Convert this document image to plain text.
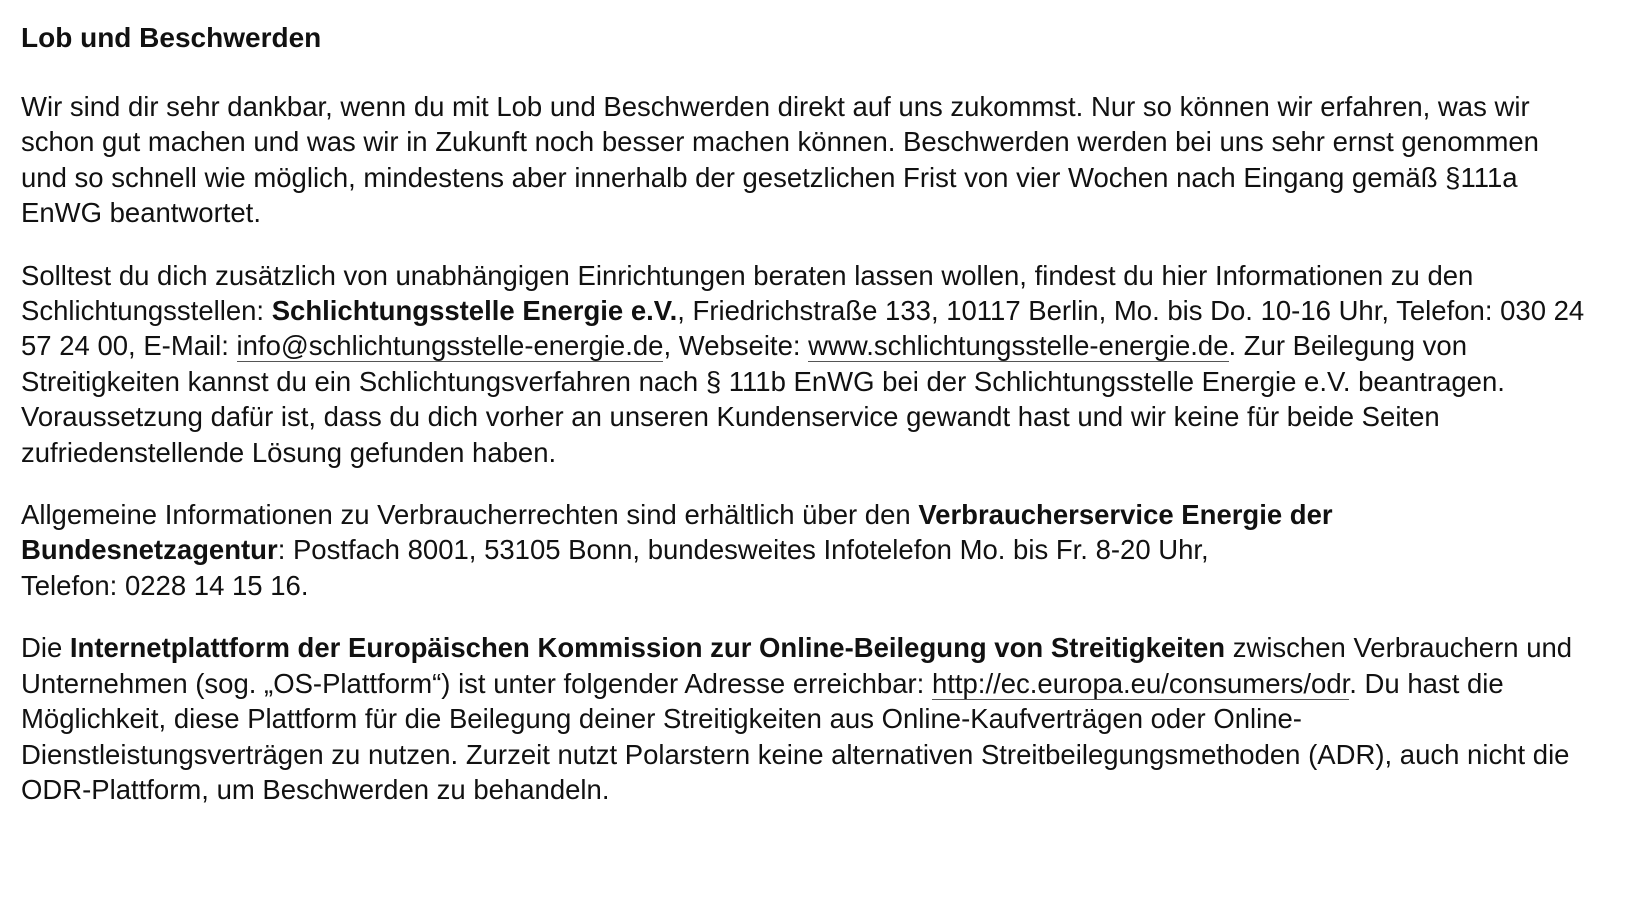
Lob und Beschwerden

Wir sind dir sehr dankbar, wenn du mit Lob und Beschwerden direkt auf uns zukommst. Nur so können wir erfahren, was wir schon gut machen und was wir in Zukunft noch besser machen können. Beschwerden werden bei uns sehr ernst genommen und so schnell wie möglich, mindestens aber innerhalb der gesetzlichen Frist von vier Wochen nach Eingang gemäß §111a EnWG beantwortet.

Solltest du dich zusätzlich von unabhängigen Einrichtungen beraten lassen wollen, findest du hier Informationen zu den Schlichtungsstellen: Schlichtungsstelle Energie e.V., Friedrichstraße 133, 10117 Berlin, Mo. bis Do. 10-16 Uhr, Telefon: 030 24 57 24 00, E-Mail: info@schlichtungsstelle-energie.de, Webseite: www.schlichtungsstelle-energie.de. Zur Beilegung von Streitigkeiten kannst du ein Schlichtungsverfahren nach § 111b EnWG bei der Schlichtungsstelle Energie e.V. beantragen. Voraussetzung dafür ist, dass du dich vorher an unseren Kundenservice gewandt hast und wir keine für beide Seiten zufriedenstellende Lösung gefunden haben.

Allgemeine Informationen zu Verbraucherrechten sind erhältlich über den Verbraucherservice Energie der Bundesnetzagentur: Postfach 8001, 53105 Bonn, bundesweites Infotelefon Mo. bis Fr. 8-20 Uhr,
Telefon: 0228 14 15 16.

Die Internetplattform der Europäischen Kommission zur Online-Beilegung von Streitigkeiten zwischen Verbrauchern und Unternehmen (sog. „OS-Plattform“) ist unter folgender Adresse erreichbar: http://ec.europa.eu/consumers/odr. Du hast die Möglichkeit, diese Plattform für die Beilegung deiner Streitigkeiten aus Online-Kaufverträgen oder Online-Dienstleistungsverträgen zu nutzen. Zurzeit nutzt Polarstern keine alternativen Streitbeilegungsmethoden (ADR), auch nicht die ODR-Plattform, um Beschwerden zu behandeln.
